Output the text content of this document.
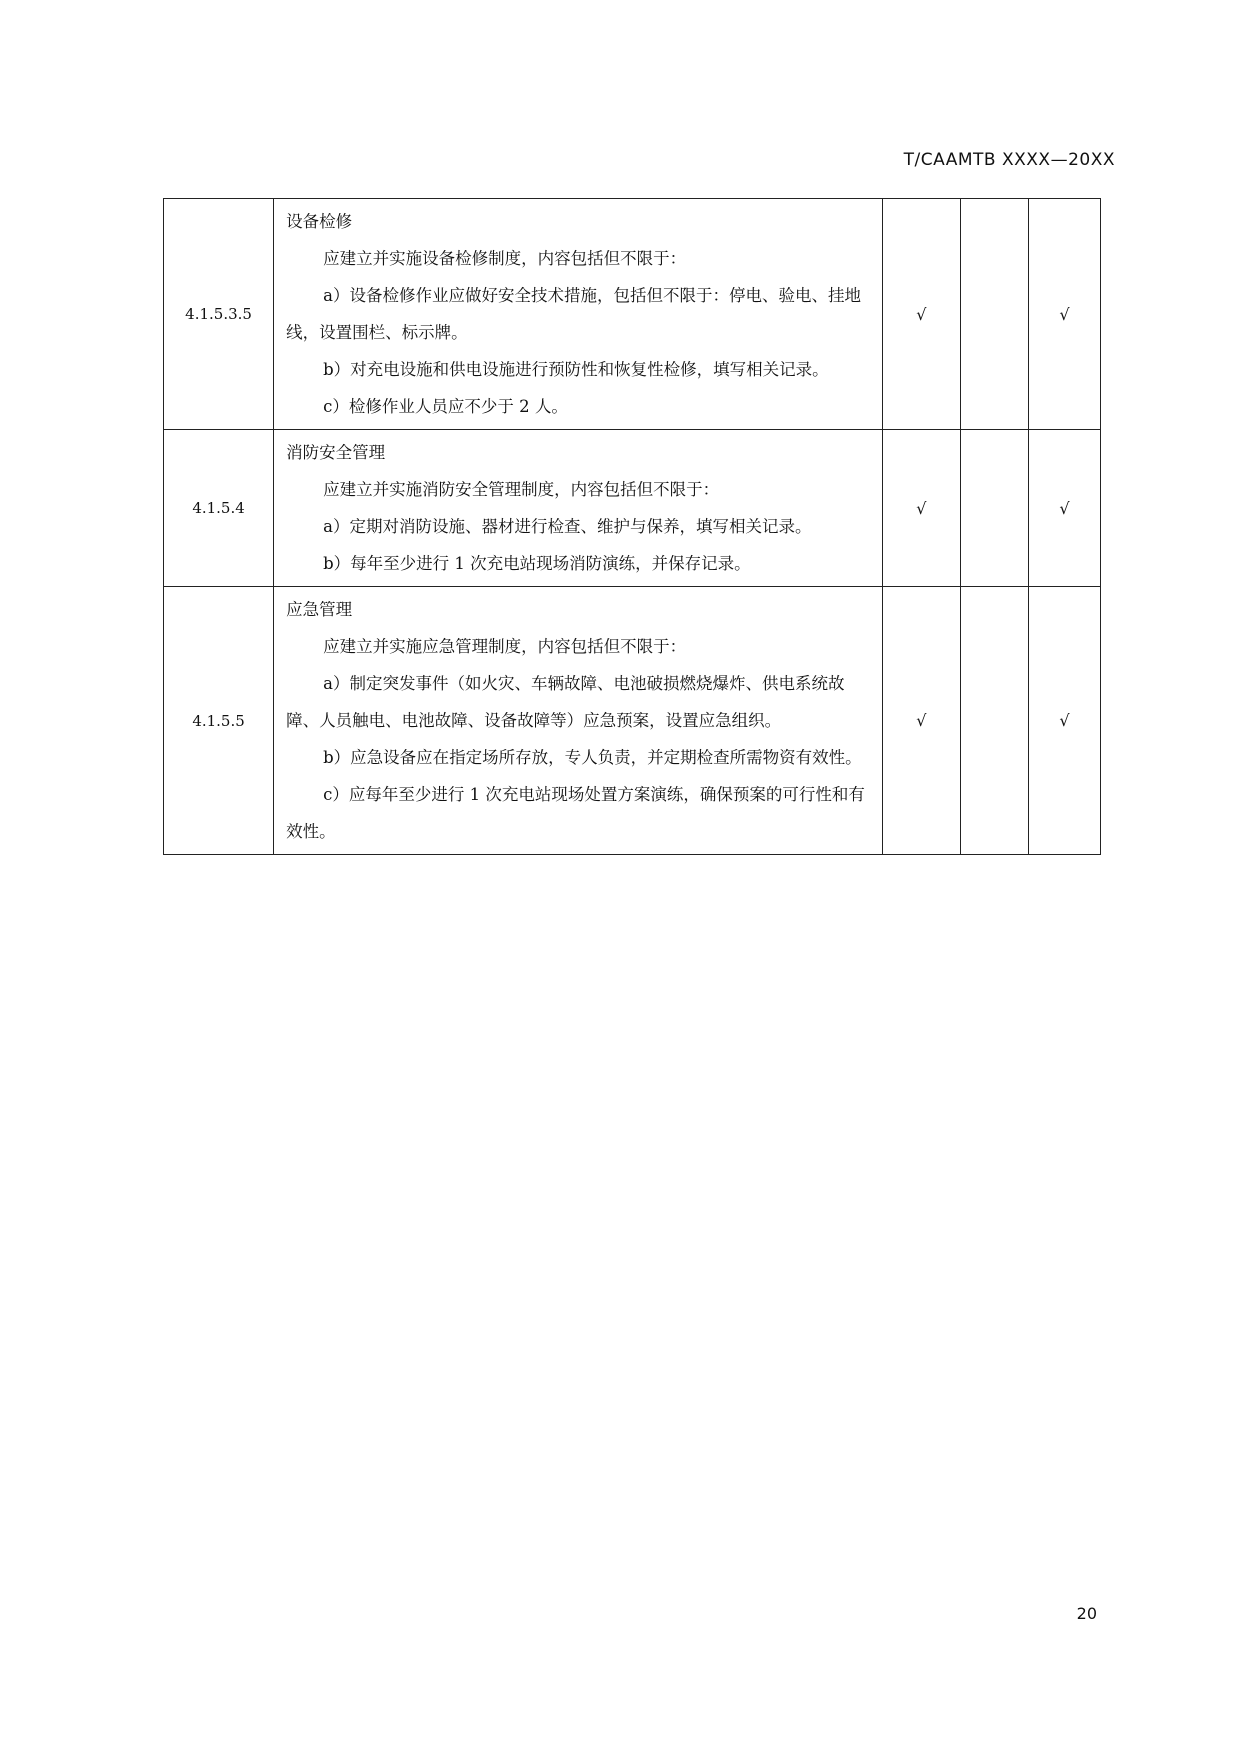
T/CAAMTB XXXX—20XX
4.1.5.3.5	设备检修
应建立并实施设备检修制度，内容包括但不限于：
a）设备检修作业应做好安全技术措施，包括但不限于：停电、验电、挂地线，设置围栏、标示牌。
b）对充电设施和供电设施进行预防性和恢复性检修，填写相关记录。
c）检修作业人员应不少于 2 人。	√		√
4.1.5.4	消防安全管理
应建立并实施消防安全管理制度，内容包括但不限于：
a）定期对消防设施、器材进行检查、维护与保养，填写相关记录。
b）每年至少进行 1 次充电站现场消防演练，并保存记录。	√		√
4.1.5.5	应急管理
应建立并实施应急管理制度，内容包括但不限于：
a）制定突发事件（如火灾、车辆故障、电池破损燃烧爆炸、供电系统故障、人员触电、电池故障、设备故障等）应急预案，设置应急组织。
b）应急设备应在指定场所存放，专人负责，并定期检查所需物资有效性。
c）应每年至少进行 1 次充电站现场处置方案演练，确保预案的可行性和有效性。	√		√
20
